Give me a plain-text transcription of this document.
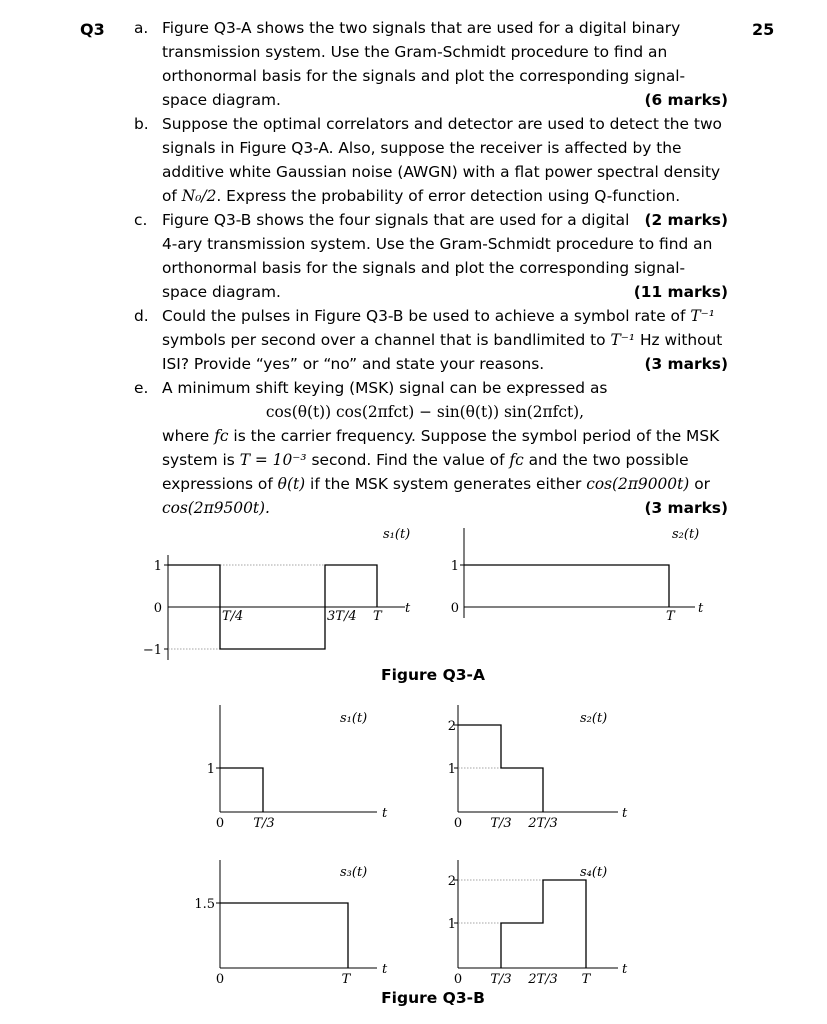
Q3	25
a. Figure Q3-A shows the two signals that are used for a digital binary transmission system. Use the Gram-Schmidt procedure to find an orthonormal basis for the signals and plot the corresponding signal-space diagram.	(6 marks)
b. Suppose the optimal correlators and detector are used to detect the two signals in Figure Q3-A. Also, suppose the receiver is affected by the additive white Gaussian noise (AWGN) with a flat power spectral density of N₀/2. Express the probability of error detection using Q-function.
(2 marks)
c. Figure Q3-B shows the four signals that are used for a digital 4-ary transmission system. Use the Gram-Schmidt procedure to find an orthonormal basis for the signals and plot the corresponding signal-space diagram.	(11 marks)
d. Could the pulses in Figure Q3-B be used to achieve a symbol rate of T⁻¹ symbols per second over a channel that is bandlimited to T⁻¹ Hz without ISI? Provide “yes” or “no” and state your reasons.	(3 marks)
e. A minimum shift keying (MSK) signal can be expressed as
cos(θ(t)) cos(2πfᴄt) − sin(θ(t)) sin(2πfᴄt),
where fᴄ is the carrier frequency. Suppose the symbol period of the MSK system is T = 10⁻³ second. Find the value of fᴄ and the two possible expressions of θ(t) if the MSK system generates either cos(2π9000t) or cos(2π9500t).	(3 marks)
s₁(t)
1
0
−1
T/4	3T/4 T
t
s₂(t)
1
0
T
t
Figure Q3-A
s₁(t)
1
0 T/3
t
s₂(t)
2
1
0 T/3 2T/3
t
s₃(t)
1.5
0	T
t
s₄(t)
2
1
0 T/3 2T/3 T
t
Figure Q3-B
